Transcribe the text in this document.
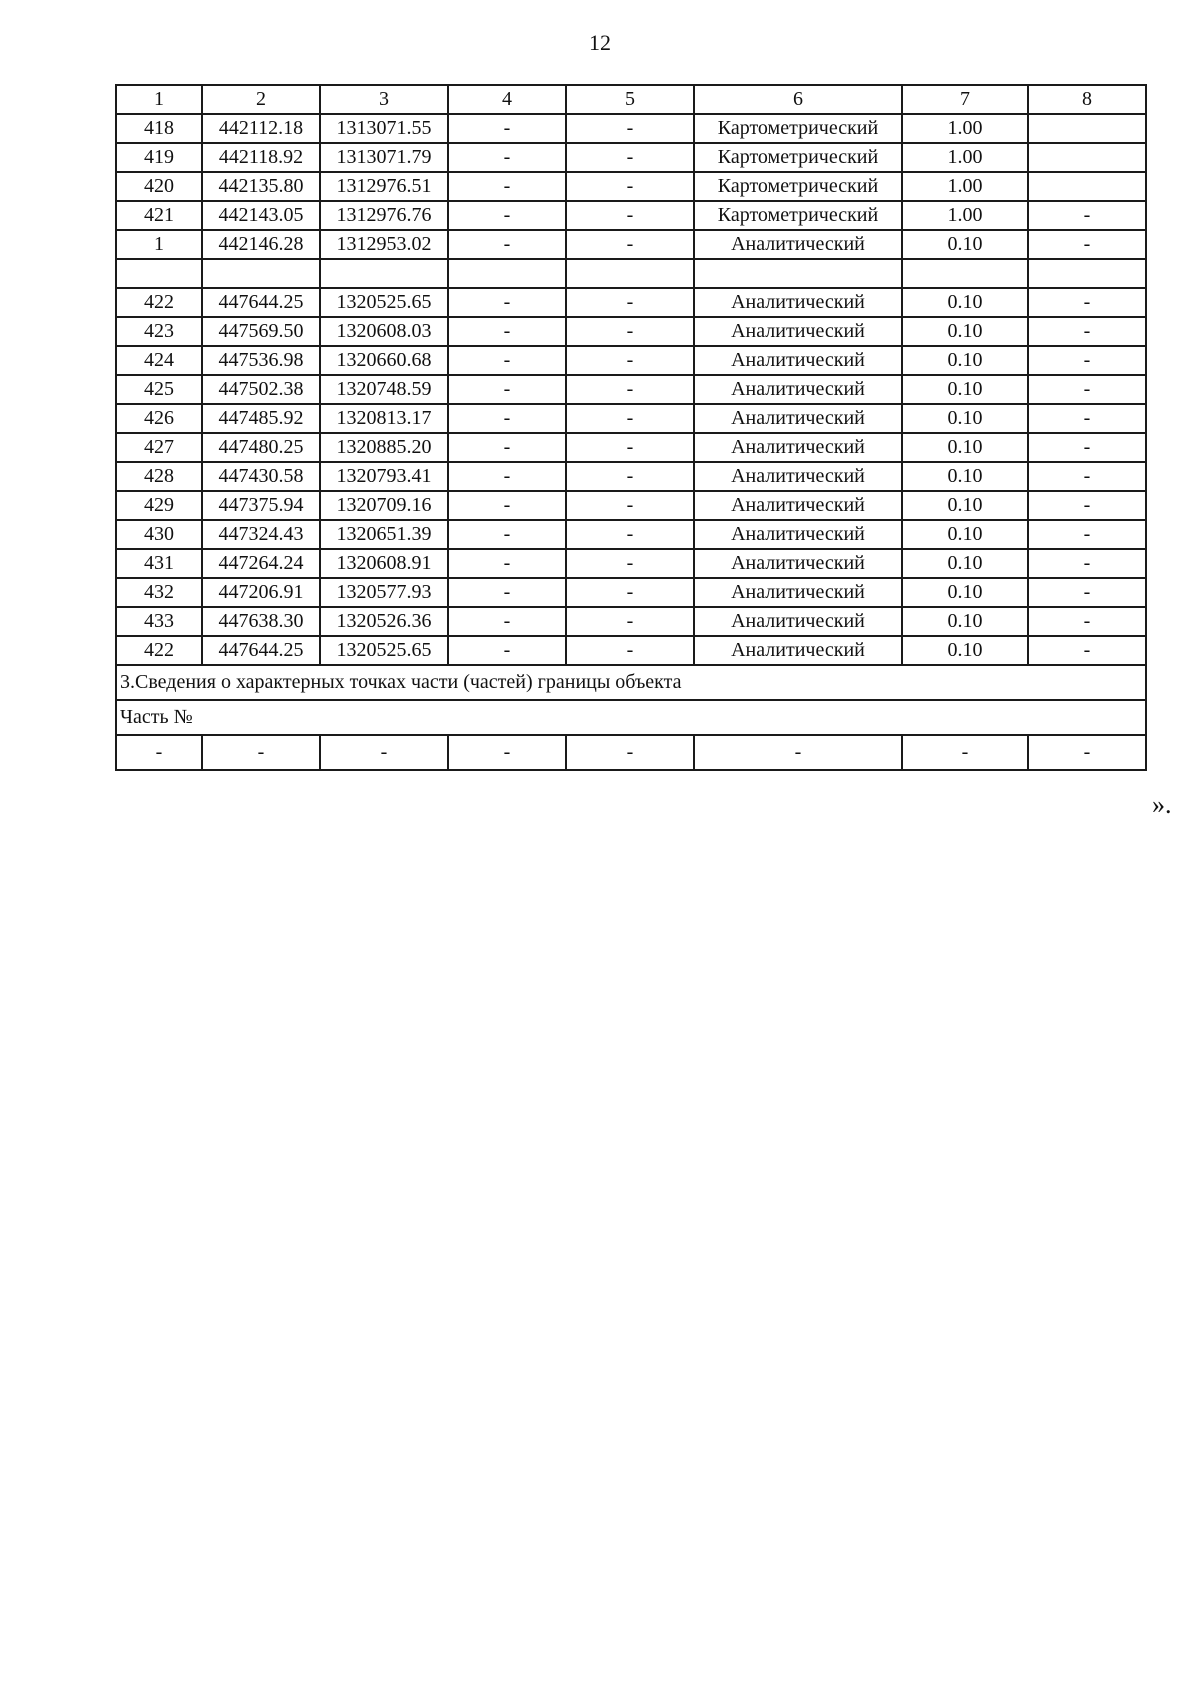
12
1	2	3	4	5	6	7	8
418	442112.18	1313071.55	-	-	Картометрический	1.00	
419	442118.92	1313071.79	-	-	Картометрический	1.00	
420	442135.80	1312976.51	-	-	Картометрический	1.00	
421	442143.05	1312976.76	-	-	Картометрический	1.00	-
1	442146.28	1312953.02	-	-	Аналитический	0.10	-

422	447644.25	1320525.65	-	-	Аналитический	0.10	-
423	447569.50	1320608.03	-	-	Аналитический	0.10	-
424	447536.98	1320660.68	-	-	Аналитический	0.10	-
425	447502.38	1320748.59	-	-	Аналитический	0.10	-
426	447485.92	1320813.17	-	-	Аналитический	0.10	-
427	447480.25	1320885.20	-	-	Аналитический	0.10	-
428	447430.58	1320793.41	-	-	Аналитический	0.10	-
429	447375.94	1320709.16	-	-	Аналитический	0.10	-
430	447324.43	1320651.39	-	-	Аналитический	0.10	-
431	447264.24	1320608.91	-	-	Аналитический	0.10	-
432	447206.91	1320577.93	-	-	Аналитический	0.10	-
433	447638.30	1320526.36	-	-	Аналитический	0.10	-
422	447644.25	1320525.65	-	-	Аналитический	0.10	-
3.Сведения о характерных точках части (частей) границы объекта							
Часть №							
-	-	-	-	-	-	-	-
».
